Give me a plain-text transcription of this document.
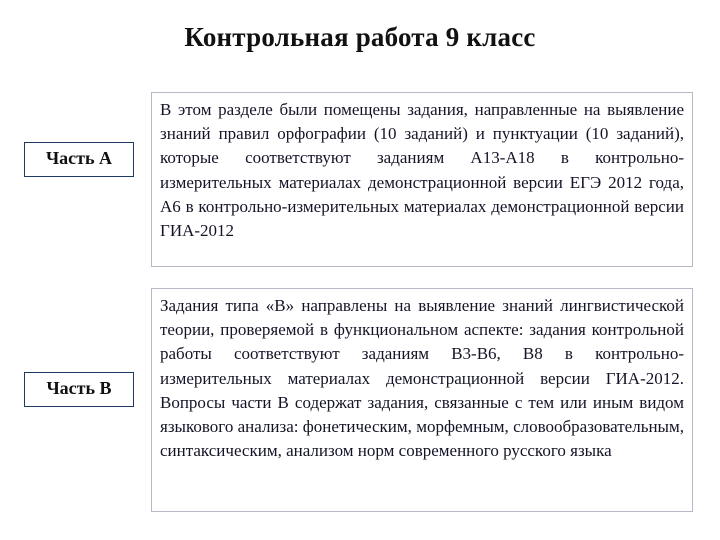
Контрольная работа 9 класс
Часть А
В этом разделе были помещены задания, направленные на выявление знаний правил орфографии (10 заданий) и пунктуации (10 заданий), которые соответствуют заданиям А13-А18 в контрольно-измерительных материалах демонстрационной версии ЕГЭ 2012 года, А6 в контрольно-измерительных материалах демонстрационной версии ГИА-2012
Часть В
Задания типа «В» направлены на выявление знаний лингвистической теории, проверяемой в функциональном аспекте: задания контрольной работы соответствуют заданиям В3-В6, В8 в контрольно-измерительных материалах демонстрационной версии ГИА-2012. Вопросы части В содержат задания, связанные с тем или иным видом языкового анализа: фонетическим, морфемным, словообразовательным, синтаксическим, анализом норм современного русского языка
